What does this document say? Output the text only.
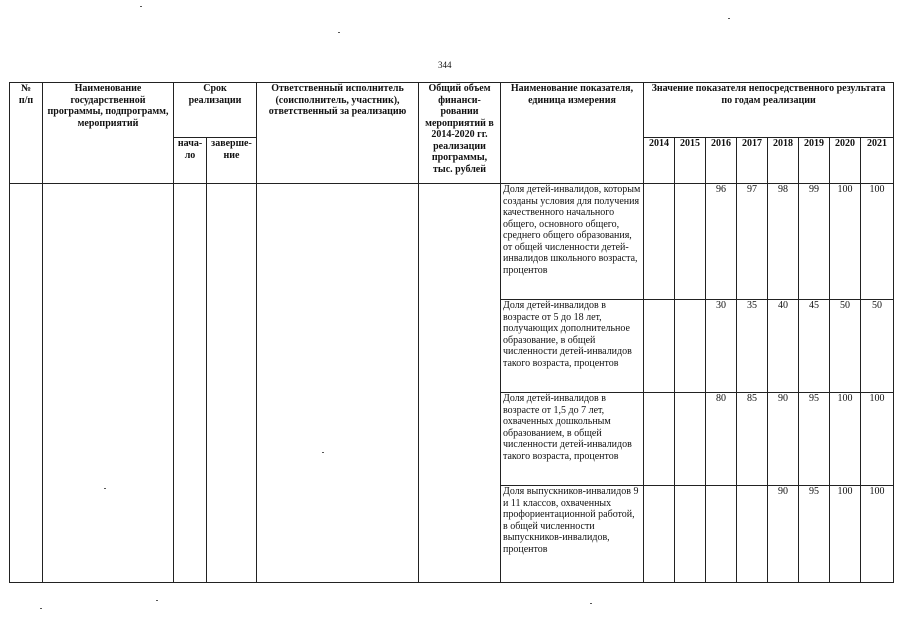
344
№
п/п	Наименование государственной программы, подпрограмм, мероприятий	Срок реализации		Ответственный исполнитель (соисполнитель, участник), ответственный за реализацию	Общий объем финанси-ровании мероприятий в 2014-2020 гг. реализации программы, тыс. рублей	Наименование показателя, единица измерения	Значение показателя непосредственного результата по годам реализации							
		нача-ло	заверше-ние				2014	2015	2016	2017	2018	2019	2020	2021
						Доля детей-инвалидов, которым созданы условия для получения качественного начального общего, основного общего, среднего общего образования, от общей численности детей-инвалидов школьного возраста, процентов			96	97	98	99	100	100
						Доля детей-инвалидов в возрасте от 5 до 18 лет, получающих дополнительное образование, в общей численности детей-инвалидов такого возраста, процентов			30	35	40	45	50	50
						Доля детей-инвалидов в возрасте от 1,5 до 7 лет, охваченных дошкольным образованием, в общей численности детей-инвалидов такого возраста, процентов			80	85	90	95	100	100
						Доля выпускников-инвалидов 9 и 11 классов, охваченных профориентационной работой, в общей численности выпускников-инвалидов, процентов					90	95	100	100
